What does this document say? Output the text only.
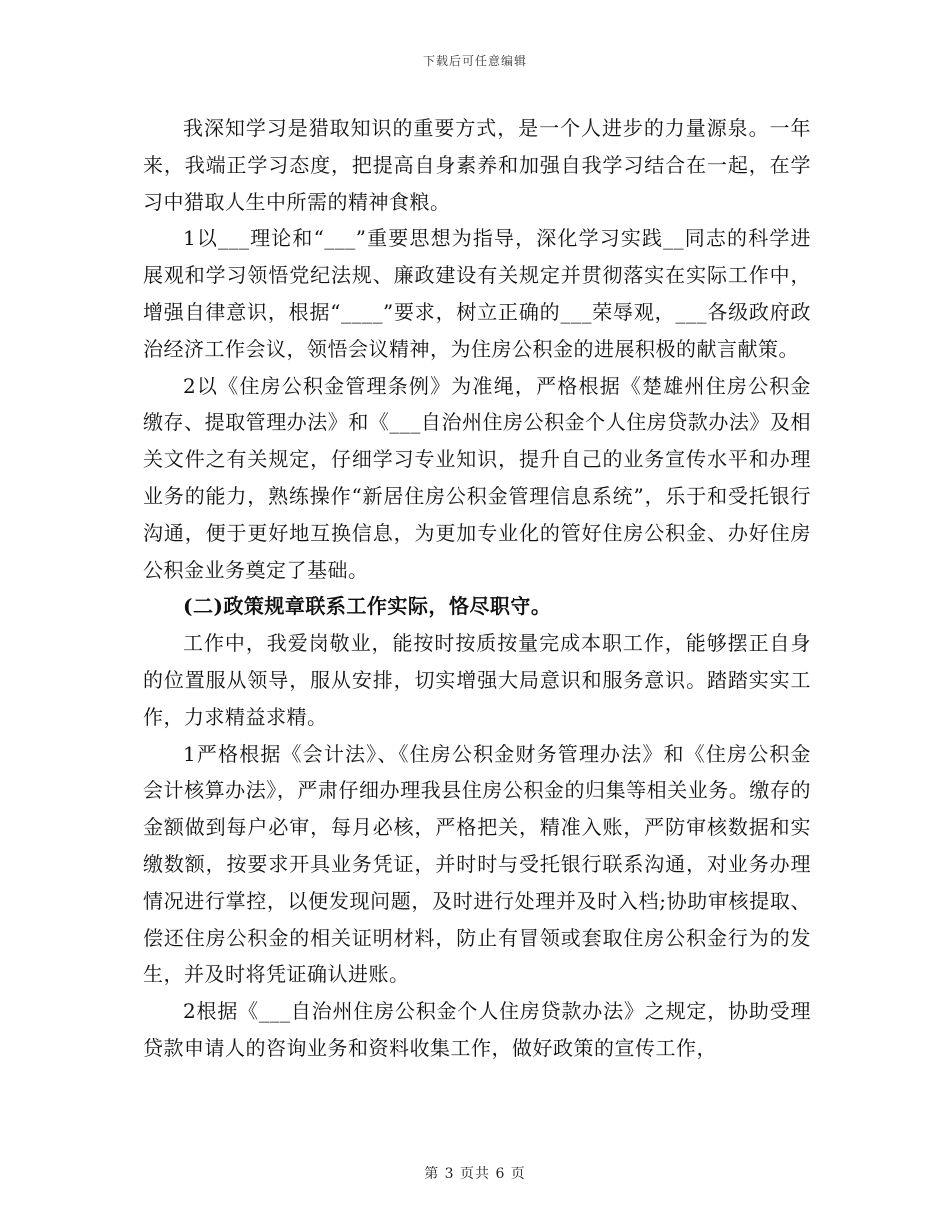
下载后可任意编辑

我深知学习是猎取知识的重要方式，是一个人进步的力量源泉。一年来，我端正学习态度，把提高自身素养和加强自我学习结合在一起，在学习中猎取人生中所需的精神食粮。

1以___理论和“___”重要思想为指导，深化学习实践__同志的科学进展观和学习领悟党纪法规、廉政建设有关规定并贯彻落实在实际工作中，增强自律意识，根据“____”要求，树立正确的___荣辱观，___各级政府政治经济工作会议，领悟会议精神，为住房公积金的进展积极的献言献策。

2以《住房公积金管理条例》为准绳，严格根据《楚雄州住房公积金缴存、提取管理办法》和《___自治州住房公积金个人住房贷款办法》及相关文件之有关规定，仔细学习专业知识，提升自己的业务宣传水平和办理业务的能力，熟练操作“新居住房公积金管理信息系统”，乐于和受托银行沟通，便于更好地互换信息，为更加专业化的管好住房公积金、办好住房公积金业务奠定了基础。

(二)政策规章联系工作实际，恪尽职守。

工作中，我爱岗敬业，能按时按质按量完成本职工作，能够摆正自身的位置服从领导，服从安排，切实增强大局意识和服务意识。踏踏实实工作，力求精益求精。

1严格根据《会计法》、《住房公积金财务管理办法》和《住房公积金会计核算办法》，严肃仔细办理我县住房公积金的归集等相关业务。缴存的金额做到每户必审，每月必核，严格把关，精准入账，严防审核数据和实缴数额，按要求开具业务凭证，并时时与受托银行联系沟通，对业务办理情况进行掌控，以便发现问题，及时进行处理并及时入档;协助审核提取、偿还住房公积金的相关证明材料，防止有冒领或套取住房公积金行为的发生，并及时将凭证确认进账。

2根据《___自治州住房公积金个人住房贷款办法》之规定，协助受理贷款申请人的咨询业务和资料收集工作，做好政策的宣传工作，

第 3 页共 6 页
